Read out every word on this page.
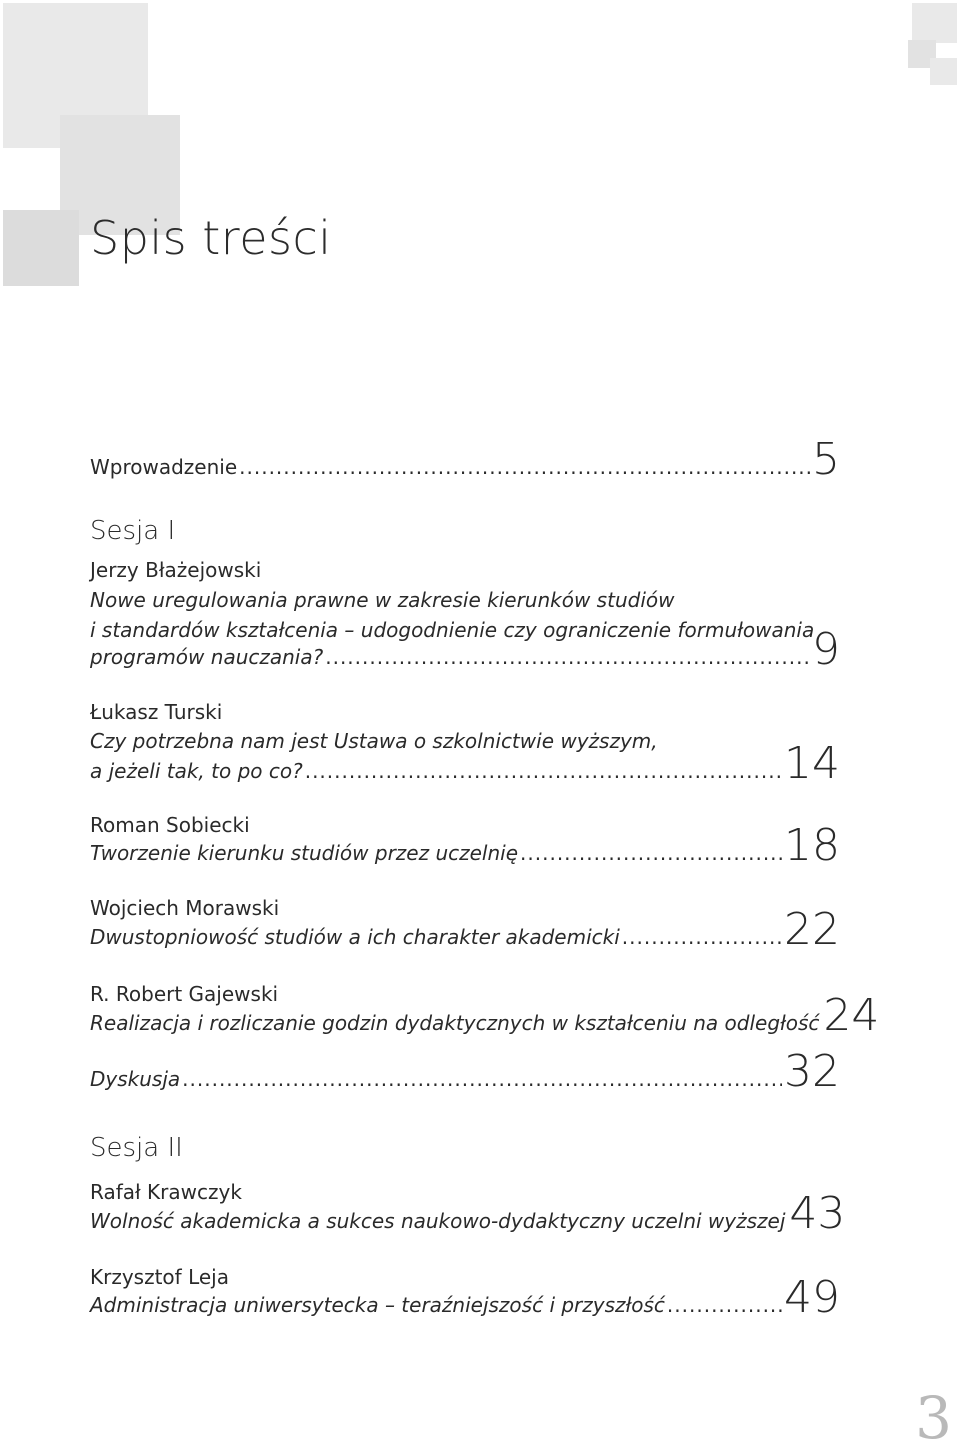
Spis treści
Wprowadzenie .....	5
Sesja I
Jerzy Błażejowski
Nowe uregulowania prawne w zakresie kierunków studiów
i standardów kształcenia – udogodnienie czy ograniczenie formułowania
programów nauczania? .....	9
Łukasz Turski
Czy potrzebna nam jest Ustawa o szkolnictwie wyższym,
a jeżeli tak, to po co? .....	14
Roman Sobiecki
Tworzenie kierunku studiów przez uczelnię .....	18
Wojciech Morawski
Dwustopniowość studiów a ich charakter akademicki .....	22
R. Robert Gajewski
Realizacja i rozliczanie godzin dydaktycznych w kształceniu na odległość 24
Dyskusja .....	32
Sesja II
Rafał Krawczyk
Wolność akademicka a sukces naukowo-dydaktyczny uczelni wyższej 43
Krzysztof Leja
Administracja uniwersytecka – teraźniejszość i przyszłość .....	49
3
